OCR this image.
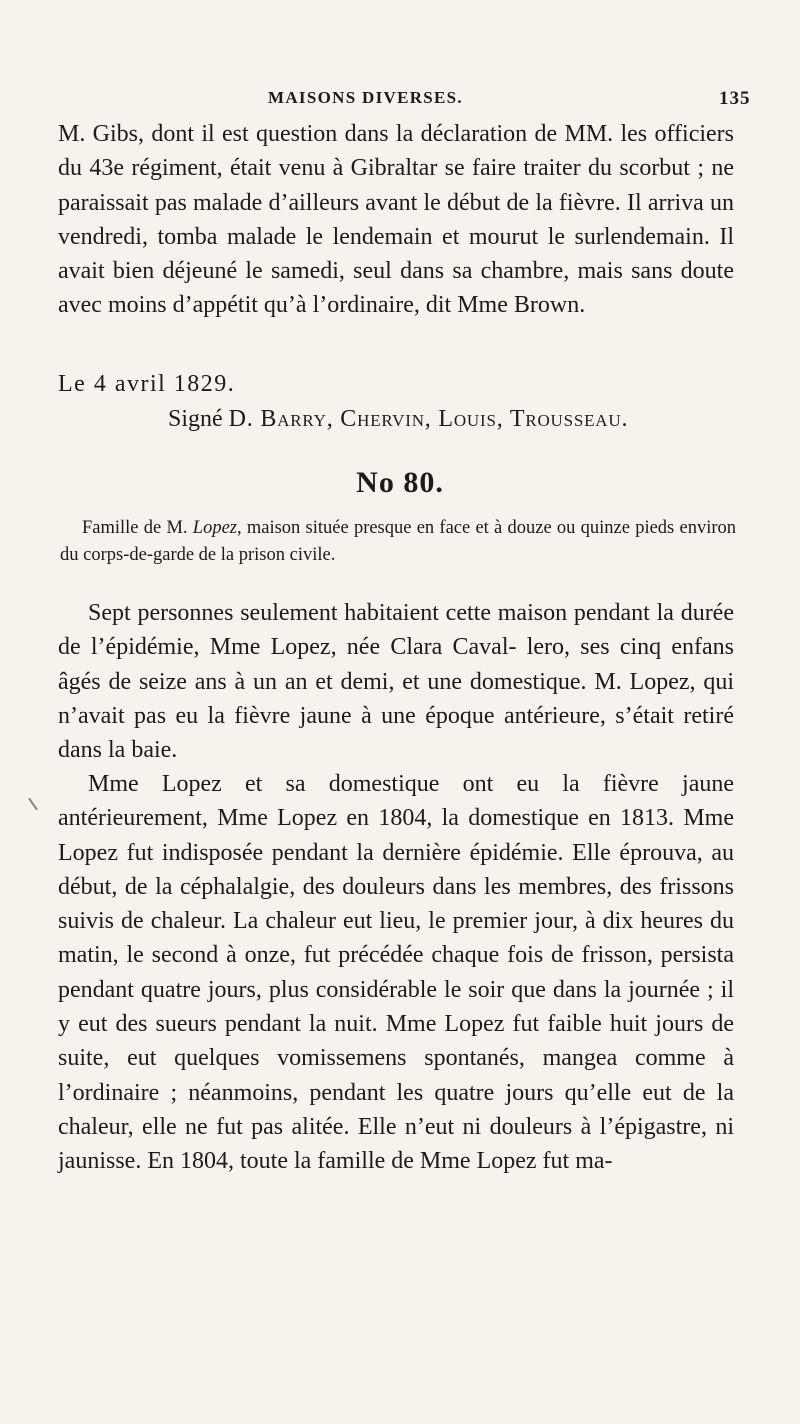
MAISONS DIVERSES.	135

M. Gibs, dont il est question dans la déclaration de MM. les officiers du 43e régiment, était venu à Gibraltar se faire traiter du scorbut ; ne paraissait pas malade d’ailleurs avant le début de la fièvre. Il arriva un vendredi, tomba malade le lendemain et mourut le surlendemain. Il avait bien déjeuné le samedi, seul dans sa chambre, mais sans doute avec moins d’appétit qu’à l’ordinaire, dit Mme Brown.

Le 4 avril 1829.
Signé D. Barry, Chervin, Louis, Trousseau.
No 80.

Famille de M. Lopez, maison située presque en face et à douze ou quinze pieds environ du corps-de-garde de la prison civile.

Sept personnes seulement habitaient cette maison pendant la durée de l’épidémie, Mme Lopez, née Clara Caval- lero, ses cinq enfans âgés de seize ans à un an et demi, et une domestique. M. Lopez, qui n’avait pas eu la fièvre jaune à une époque antérieure, s’était retiré dans la baie.

Mme Lopez et sa domestique ont eu la fièvre jaune antérieurement, Mme Lopez en 1804, la domestique en 1813. Mme Lopez fut indisposée pendant la dernière épidémie. Elle éprouva, au début, de la céphalalgie, des douleurs dans les membres, des frissons suivis de chaleur. La chaleur eut lieu, le premier jour, à dix heures du matin, le second à onze, fut précédée chaque fois de frisson, persista pendant quatre jours, plus considérable le soir que dans la journée ; il y eut des sueurs pendant la nuit. Mme Lopez fut faible huit jours de suite, eut quelques vomissemens spontanés, mangea comme à l’ordinaire ; néanmoins, pendant les quatre jours qu’elle eut de la chaleur, elle ne fut pas alitée. Elle n’eut ni douleurs à l’épigastre, ni jaunisse. En 1804, toute la famille de Mme Lopez fut ma-
